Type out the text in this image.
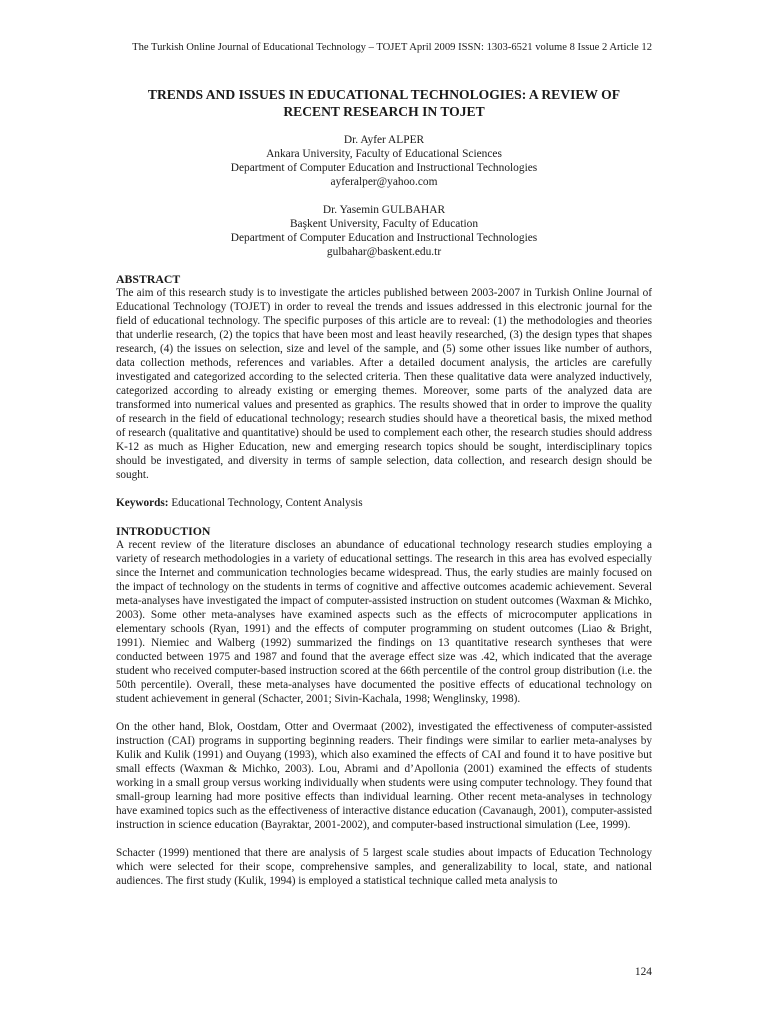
The Turkish Online Journal of Educational Technology – TOJET April 2009 ISSN: 1303-6521 volume 8 Issue 2 Article 12
TRENDS AND ISSUES IN EDUCATIONAL TECHNOLOGIES: A REVIEW OF
RECENT RESEARCH IN TOJET
Dr. Ayfer ALPER
Ankara University, Faculty of Educational Sciences
Department of Computer Education and Instructional Technologies
ayferalper@yahoo.com
Dr. Yasemin GULBAHAR
Başkent University, Faculty of Education
Department of Computer Education and Instructional Technologies
gulbahar@baskent.edu.tr
ABSTRACT

The aim of this research study is to investigate the articles published between 2003-2007 in Turkish Online Journal of Educational Technology (TOJET) in order to reveal the trends and issues addressed in this electronic journal for the field of educational technology. The specific purposes of this article are to reveal: (1) the methodologies and theories that underlie research, (2) the topics that have been most and least heavily researched, (3) the design types that shapes research, (4) the issues on selection, size and level of the sample, and (5) some other issues like number of authors, data collection methods, references and variables. After a detailed document analysis, the articles are carefully investigated and categorized according to the selected criteria. Then these qualitative data were analyzed inductively, categorized according to already existing or emerging themes. Moreover, some parts of the analyzed data are transformed into numerical values and presented as graphics. The results showed that in order to improve the quality of research in the field of educational technology; research studies should have a theoretical basis, the mixed method of research (qualitative and quantitative) should be used to complement each other, the research studies should address K-12 as much as Higher Education, new and emerging research topics should be sought, interdisciplinary topics should be investigated, and diversity in terms of sample selection, data collection, and research design should be sought.

Keywords: Educational Technology, Content Analysis

INTRODUCTION

A recent review of the literature discloses an abundance of educational technology research studies employing a variety of research methodologies in a variety of educational settings. The research in this area has evolved especially since the Internet and communication technologies became widespread. Thus, the early studies are mainly focused on the impact of technology on the students in terms of cognitive and affective outcomes academic achievement. Several meta-analyses have investigated the impact of computer-assisted instruction on student outcomes (Waxman & Michko, 2003). Some other meta-analyses have examined aspects such as the effects of microcomputer applications in elementary schools (Ryan, 1991) and the effects of computer programming on student outcomes (Liao & Bright, 1991). Niemiec and Walberg (1992) summarized the findings on 13 quantitative research syntheses that were conducted between 1975 and 1987 and found that the average effect size was .42, which indicated that the average student who received computer-based instruction scored at the 66th percentile of the control group distribution (i.e. the 50th percentile). Overall, these meta-analyses have documented the positive effects of educational technology on student achievement in general (Schacter, 2001; Sivin-Kachala, 1998; Wenglinsky, 1998).

On the other hand, Blok, Oostdam, Otter and Overmaat (2002), investigated the effectiveness of computer-assisted instruction (CAI) programs in supporting beginning readers. Their findings were similar to earlier meta-analyses by Kulik and Kulik (1991) and Ouyang (1993), which also examined the effects of CAI and found it to have positive but small effects (Waxman & Michko, 2003). Lou, Abrami and d’Apollonia (2001) examined the effects of students working in a small group versus working individually when students were using computer technology. They found that small-group learning had more positive effects than individual learning. Other recent meta-analyses in technology have examined topics such as the effectiveness of interactive distance education (Cavanaugh, 2001), computer-assisted instruction in science education (Bayraktar, 2001-2002), and computer-based instructional simulation (Lee, 1999).

Schacter (1999) mentioned that there are analysis of 5 largest scale studies about impacts of Education Technology which were selected for their scope, comprehensive samples, and generalizability to local, state, and national audiences. The first study (Kulik, 1994) is employed a statistical technique called meta analysis to

124
